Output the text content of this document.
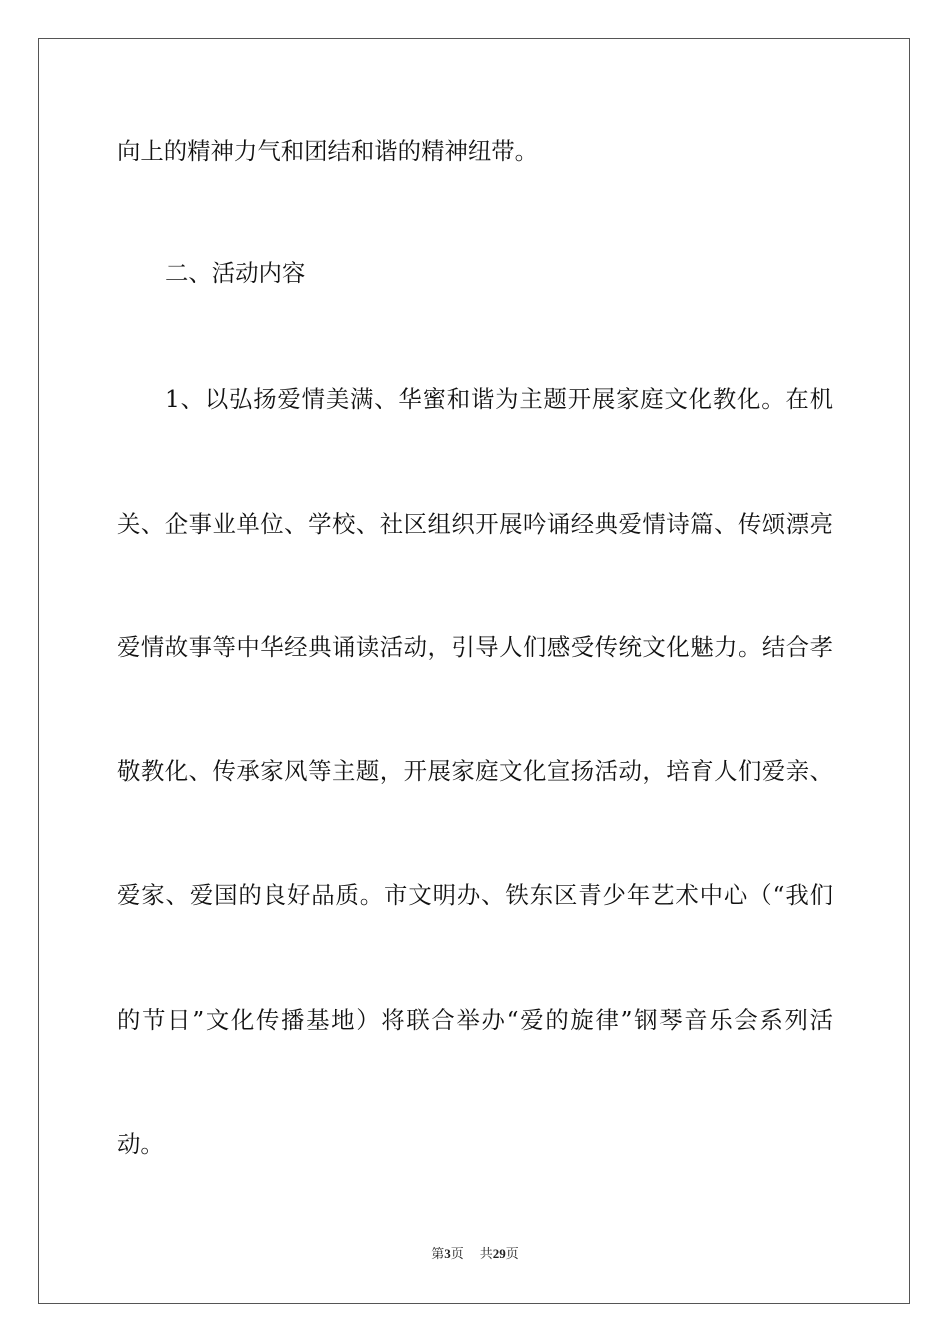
向上的精神力气和团结和谐的精神纽带。
二、活动内容
1、以弘扬爱情美满、华蜜和谐为主题开展家庭文化教化。在机
关、企事业单位、学校、社区组织开展吟诵经典爱情诗篇、传颂漂亮
爱情故事等中华经典诵读活动，引导人们感受传统文化魅力。结合孝
敬教化、传承家风等主题，开展家庭文化宣扬活动，培育人们爱亲、
爱家、爱国的良好品质。市文明办、铁东区青少年艺术中心（“我们
的节日”文化传播基地）将联合举办“爱的旋律”钢琴音乐会系列活
动。
第3页 共29页
